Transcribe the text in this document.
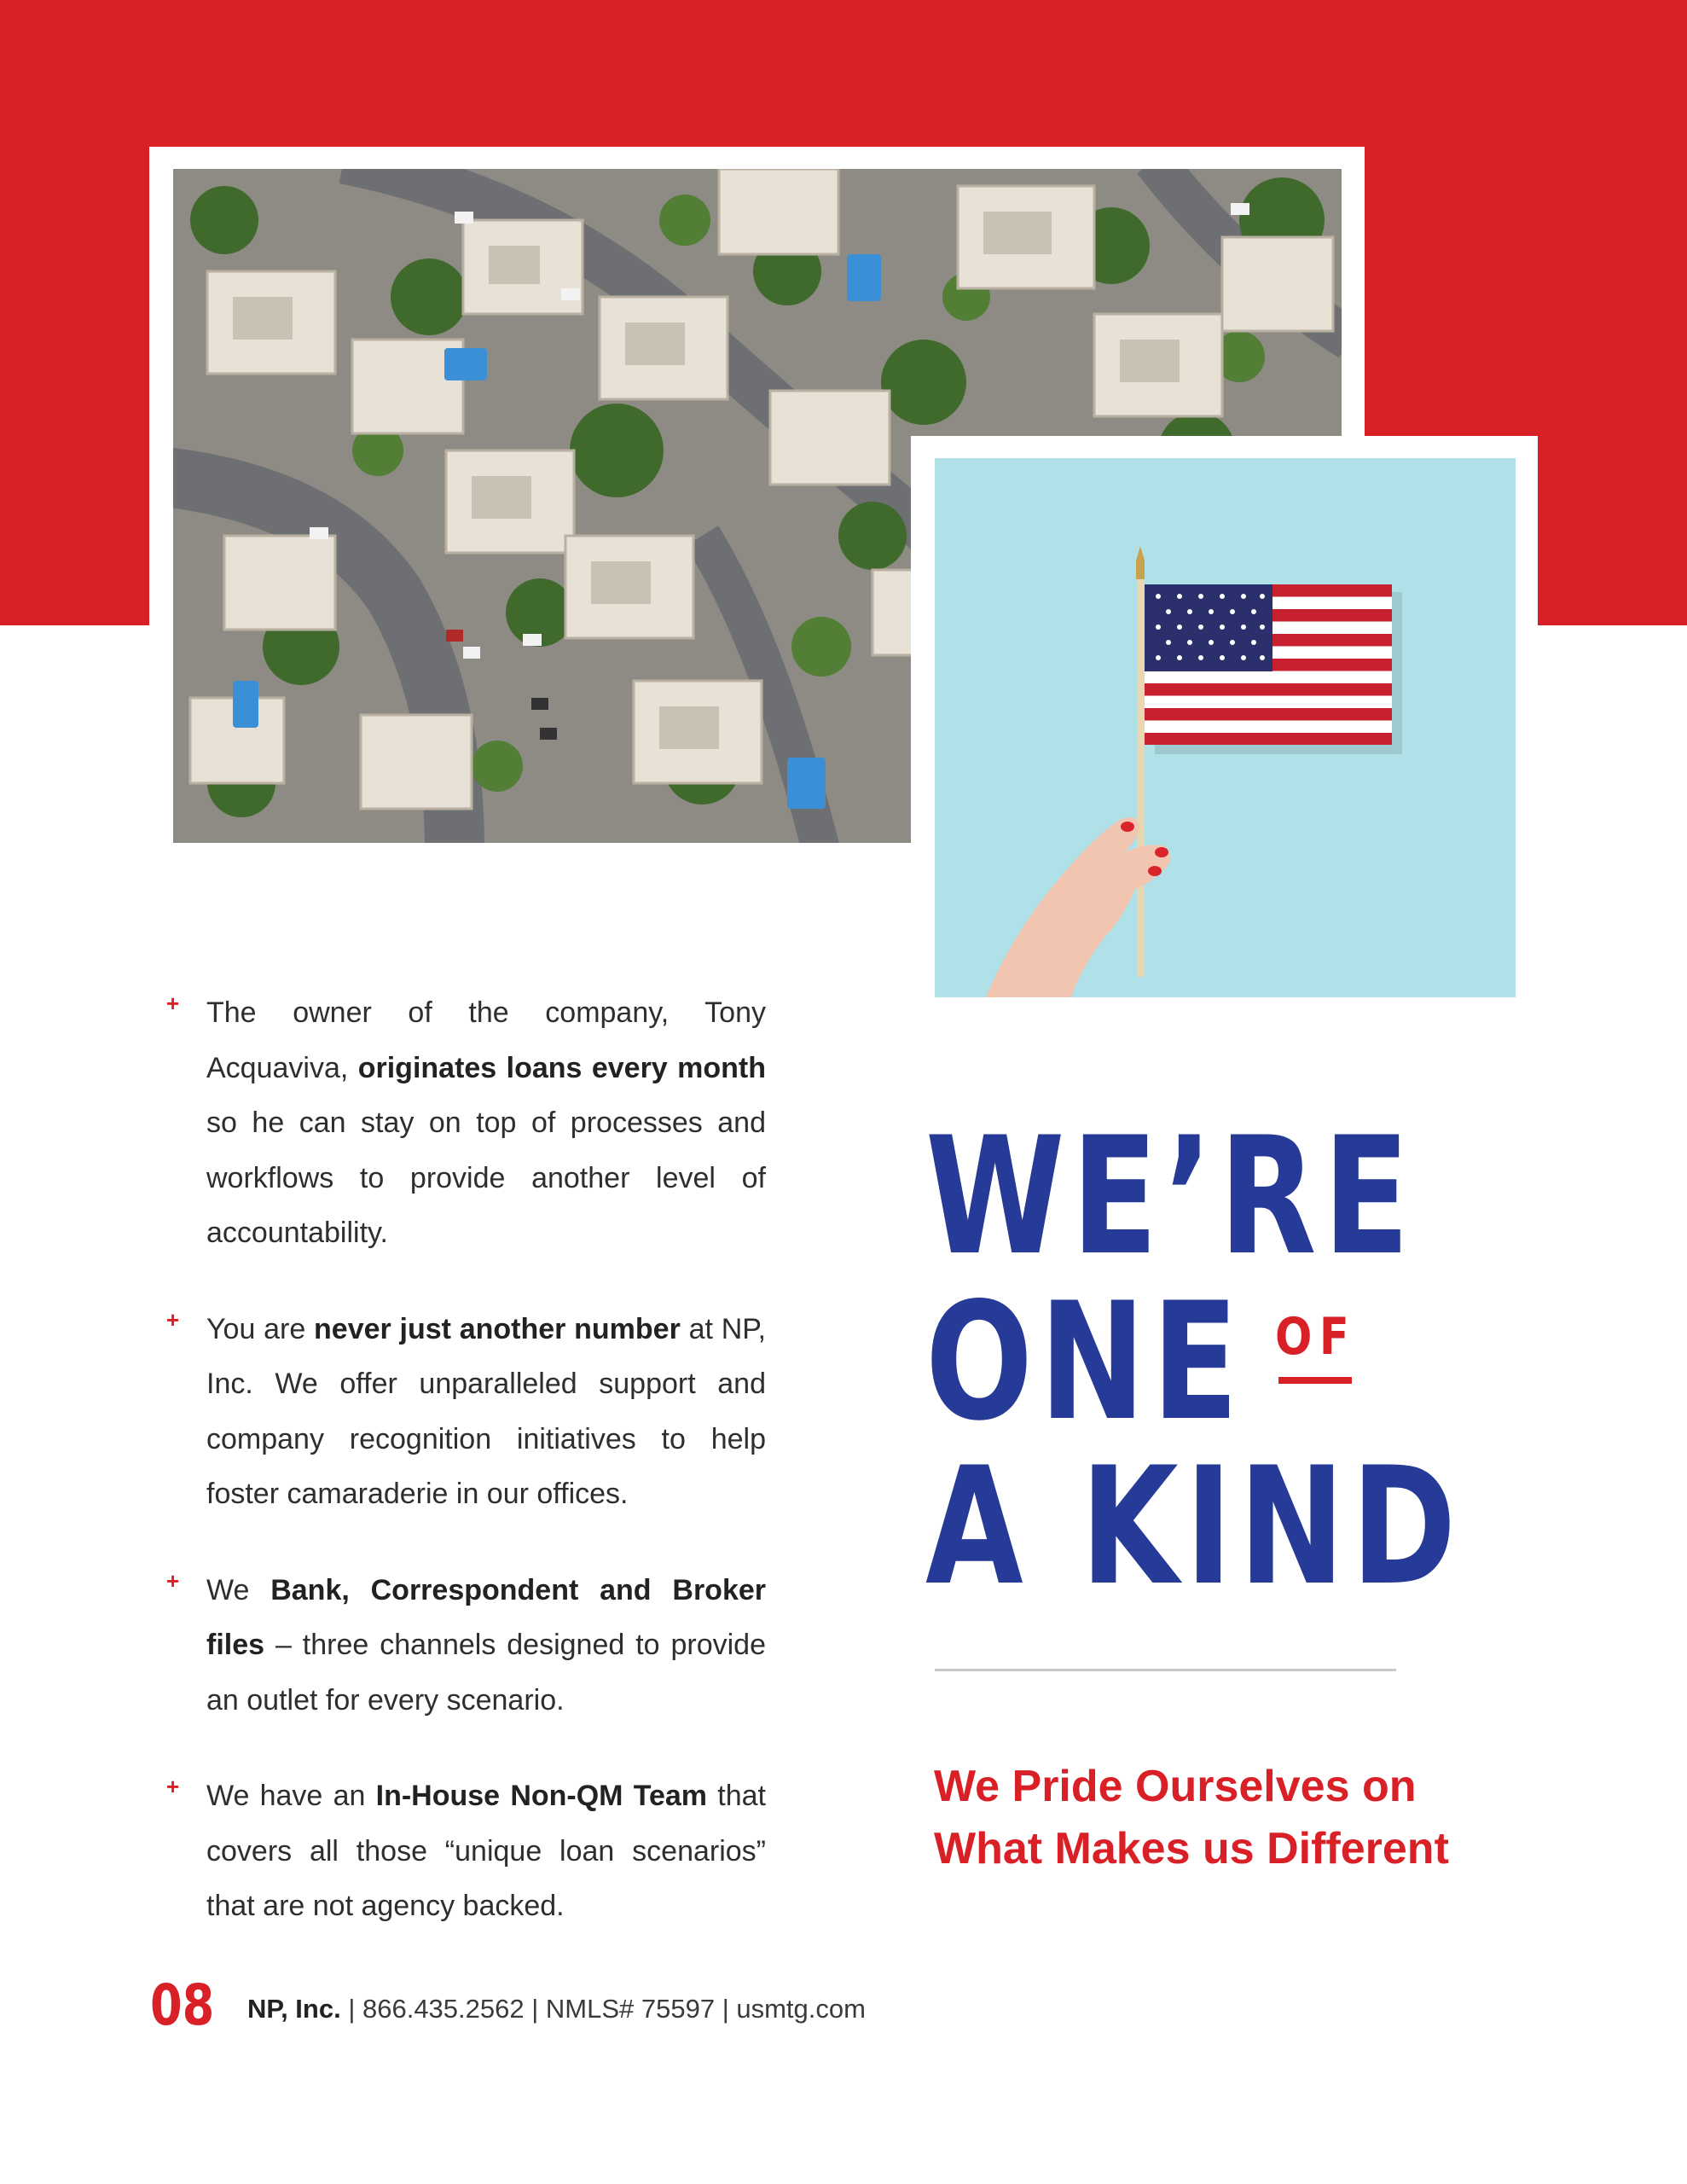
+ The owner of the company, Tony Acquaviva, originates loans every month so he can stay on top of processes and workflows to provide another level of accountability.

+ You are never just another number at NP, Inc. We offer unparalleled support and company recognition initiatives to help foster camaraderie in our offices.

+ We Bank, Correspondent and Broker files – three channels designed to provide an outlet for every scenario.

+ We have an In-House Non-QM Team that covers all those “unique loan scenarios” that are not agency backed.

WE’RE

ONE OF

A KIND

We Pride Ourselves on
What Makes us Different

08 NP, Inc. | 866.435.2562 | NMLS# 75597 | usmtg.com
